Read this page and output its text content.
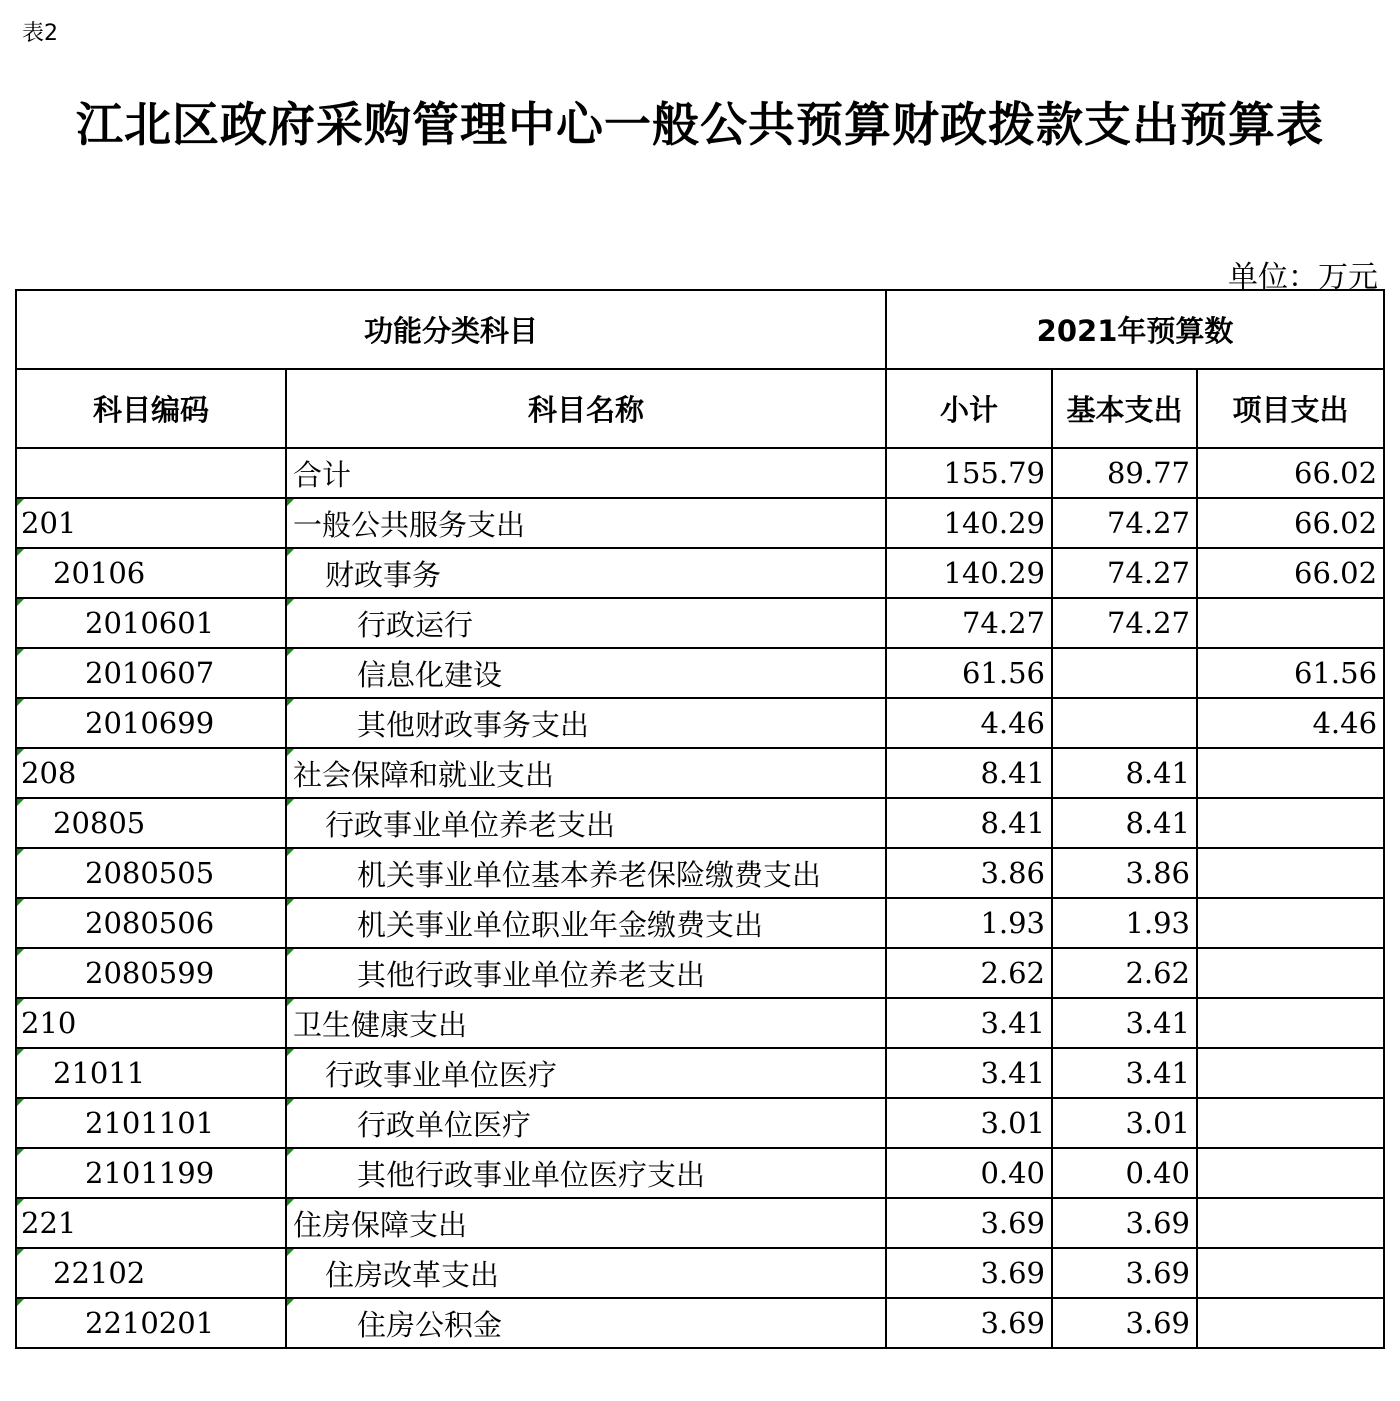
表2
江北区政府采购管理中心一般公共预算财政拨款支出预算表
单位：万元
功能分类科目		2021年预算数		
科目编码	科目名称	小计	基本支出	项目支出
	合计	155.79	89.77	66.02
201	一般公共服务支出	140.29	74.27	66.02
20106	财政事务	140.29	74.27	66.02
2010601	行政运行	74.27	74.27	
2010607	信息化建设	61.56		61.56
2010699	其他财政事务支出	4.46		4.46
208	社会保障和就业支出	8.41	8.41	
20805	行政事业单位养老支出	8.41	8.41	
2080505	机关事业单位基本养老保险缴费支出	3.86	3.86	
2080506	机关事业单位职业年金缴费支出	1.93	1.93	
2080599	其他行政事业单位养老支出	2.62	2.62	
210	卫生健康支出	3.41	3.41	
21011	行政事业单位医疗	3.41	3.41	
2101101	行政单位医疗	3.01	3.01	
2101199	其他行政事业单位医疗支出	0.40	0.40	
221	住房保障支出	3.69	3.69	
22102	住房改革支出	3.69	3.69	
2210201	住房公积金	3.69	3.69	
